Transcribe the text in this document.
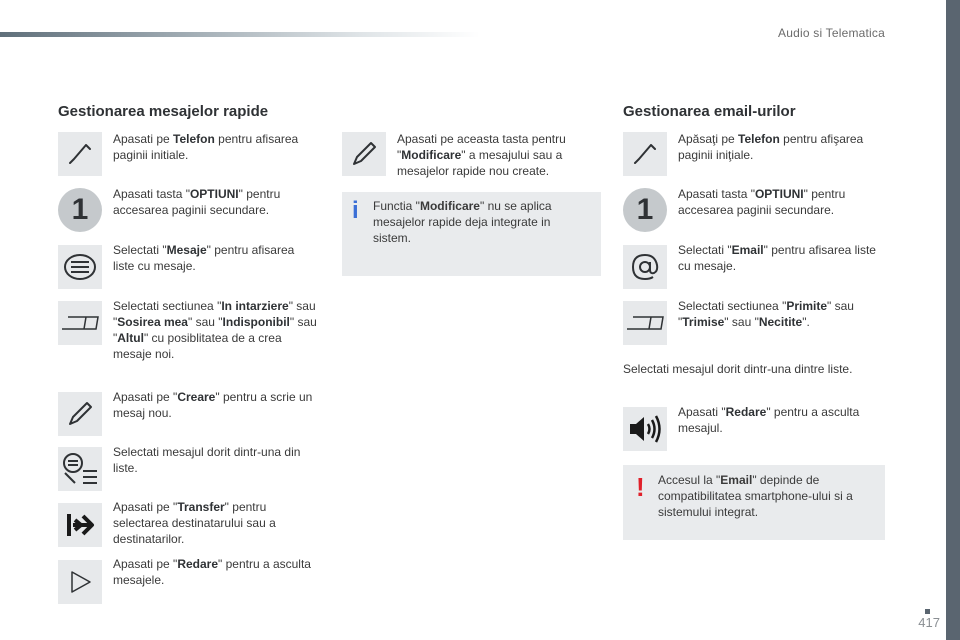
Audio si Telematica
Gestionarea mesajelor rapide
Apasati pe Telefon pentru afisarea paginii initiale.
1	Apasati tasta "OPTIUNI" pentru accesarea paginii secundare.
Selectati "Mesaje" pentru afisarea liste cu mesaje.
Selectati sectiunea "In intarziere" sau "Sosirea mea" sau "Indisponibil" sau "Altul" cu posiblitatea de a crea mesaje noi.
Apasati pe "Creare" pentru a scrie un mesaj nou.
Selectati mesajul dorit dintr-una din liste.
Apasati pe "Transfer" pentru selectarea destinatarului sau a destinatarilor.
Apasati pe "Redare" pentru a asculta mesajele.
Apasati pe aceasta tasta pentru "Modificare" a mesajului sau a mesajelor rapide nou create.
i Functia "Modificare" nu se aplica mesajelor rapide deja integrate in sistem.
Gestionarea email-urilor
Apăsaţi pe Telefon pentru afişarea paginii iniţiale.
1	Apasati tasta "OPTIUNI" pentru accesarea paginii secundare.
Selectati "Email" pentru afisarea liste cu mesaje.
Selectati sectiunea "Primite" sau "Trimise" sau "Necitite".
Selectati mesajul dorit dintr-una dintre liste.
Apasati "Redare" pentru a asculta mesajul.
! Accesul la "Email" depinde de compatibilitatea smartphone-ului si a sistemului integrat.
417
